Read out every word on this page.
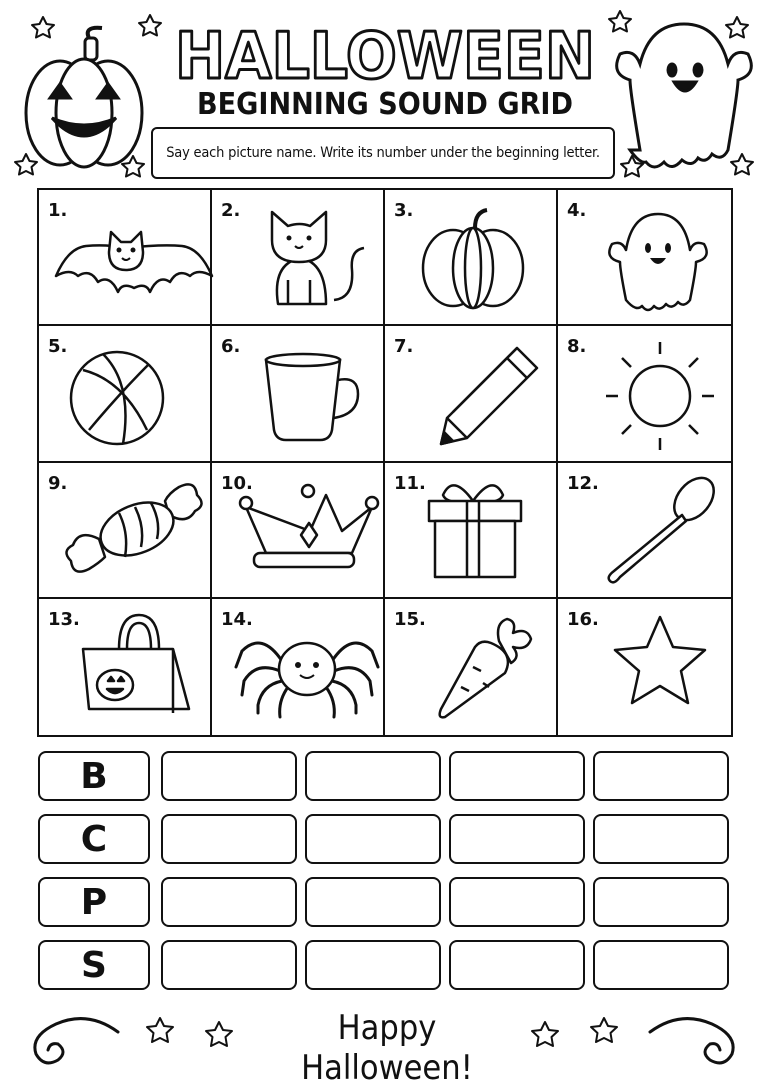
HALLOWEEN
BEGINNING SOUND GRID
Say each picture name. Write its number under the beginning letter.
1.	2.	3.	4.
5.	6.	7.	8.
9.	10.	11.	12.
13.	14.	15.	16.
B
C
P
S
Happy Halloween!
